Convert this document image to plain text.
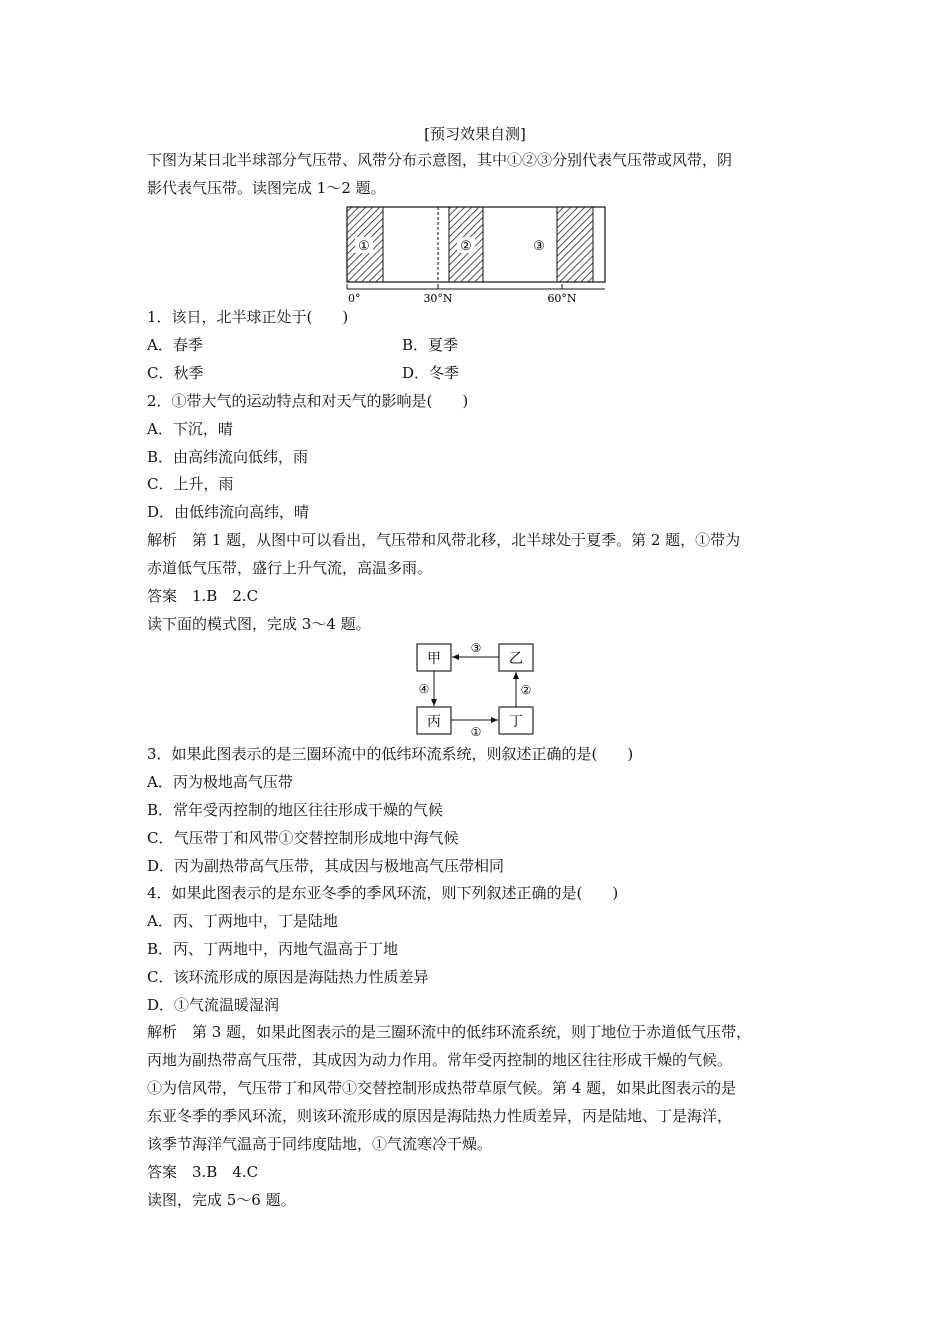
[预习效果自测]
下图为某日北半球部分气压带、风带分布示意图，其中①②③分别代表气压带或风带，阴
影代表气压带。读图完成 1～2 题。
①	②	③
0°	30°N	60°N
1．该日，北半球正处于(　　)
A．春季	B．夏季
C．秋季	D．冬季
2．①带大气的运动特点和对天气的影响是(　　)
A．下沉，晴
B．由高纬流向低纬，雨
C．上升，雨
D．由低纬流向高纬，晴
解析　第 1 题，从图中可以看出，气压带和风带北移，北半球处于夏季。第 2 题，①带为
赤道低气压带，盛行上升气流，高温多雨。
答案　1.B　2.C
读下面的模式图，完成 3～4 题。
甲	乙
丙	丁
③
④
①
②
3．如果此图表示的是三圈环流中的低纬环流系统，则叙述正确的是(　　)
A．丙为极地高气压带
B．常年受丙控制的地区往往形成干燥的气候
C．气压带丁和风带①交替控制形成地中海气候
D．丙为副热带高气压带，其成因与极地高气压带相同
4．如果此图表示的是东亚冬季的季风环流，则下列叙述正确的是(　　)
A．丙、丁两地中，丁是陆地
B．丙、丁两地中，丙地气温高于丁地
C．该环流形成的原因是海陆热力性质差异
D．①气流温暖湿润
解析　第 3 题，如果此图表示的是三圈环流中的低纬环流系统，则丁地位于赤道低气压带，
丙地为副热带高气压带，其成因为动力作用。常年受丙控制的地区往往形成干燥的气候。
①为信风带，气压带丁和风带①交替控制形成热带草原气候。第 4 题，如果此图表示的是
东亚冬季的季风环流，则该环流形成的原因是海陆热力性质差异，丙是陆地、丁是海洋，
该季节海洋气温高于同纬度陆地，①气流寒冷干燥。
答案　3.B　4.C
读图，完成 5～6 题。
